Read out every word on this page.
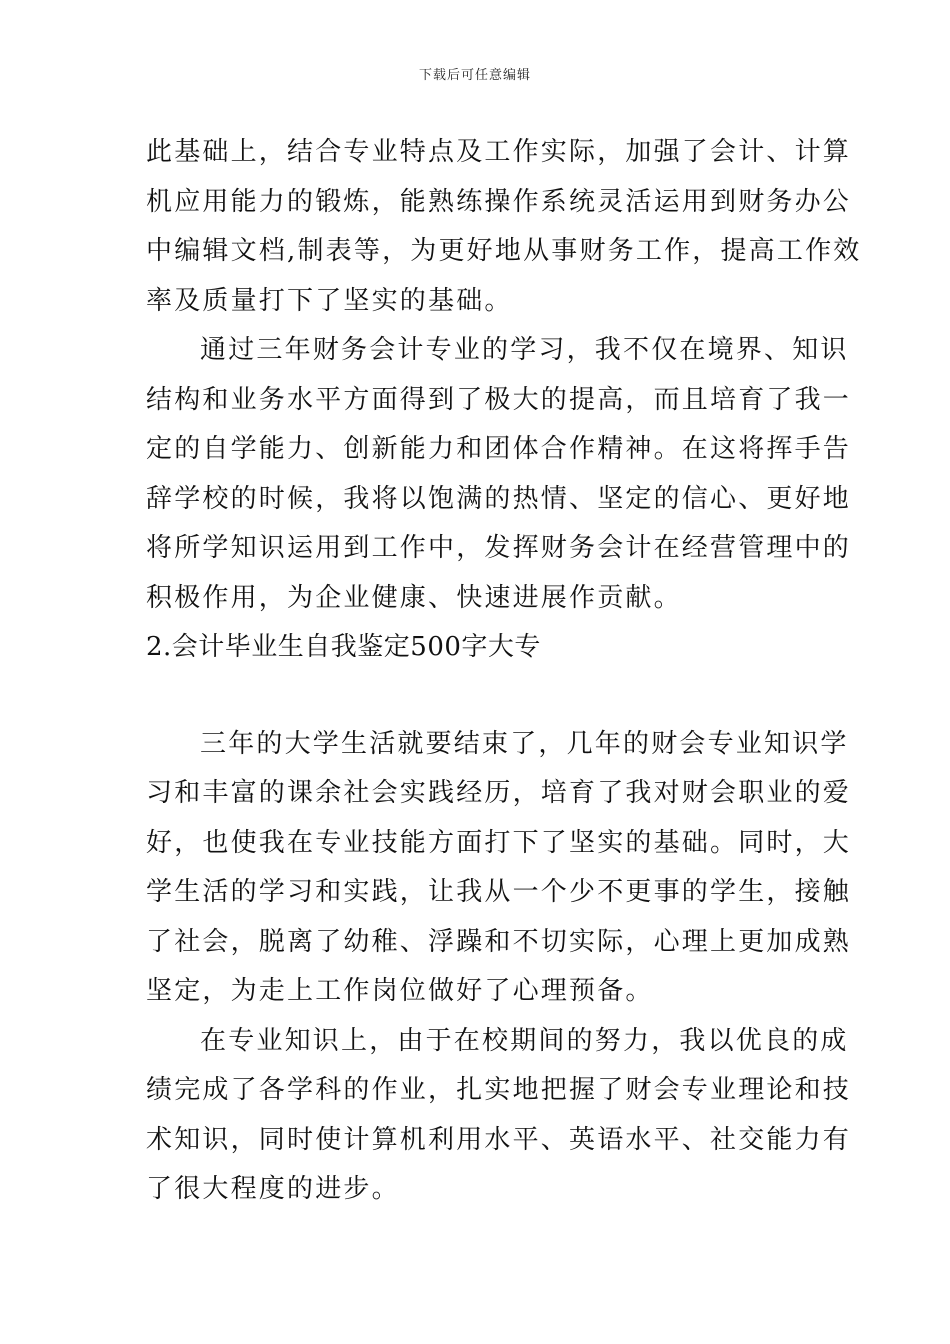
下载后可任意编辑
此基础上，结合专业特点及工作实际，加强了会计、计算
机应用能力的锻炼，能熟练操作系统灵活运用到财务办公
中编辑文档,制表等，为更好地从事财务工作，提高工作效
率及质量打下了坚实的基础。
通过三年财务会计专业的学习，我不仅在境界、知识
结构和业务水平方面得到了极大的提高，而且培育了我一
定的自学能力、创新能力和团体合作精神。在这将挥手告
辞学校的时候，我将以饱满的热情、坚定的信心、更好地
将所学知识运用到工作中，发挥财务会计在经营管理中的
积极作用，为企业健康、快速进展作贡献。
2.会计毕业生自我鉴定500字大专
三年的大学生活就要结束了，几年的财会专业知识学
习和丰富的课余社会实践经历，培育了我对财会职业的爱
好，也使我在专业技能方面打下了坚实的基础。同时，大
学生活的学习和实践，让我从一个少不更事的学生，接触
了社会，脱离了幼稚、浮躁和不切实际，心理上更加成熟
坚定，为走上工作岗位做好了心理预备。
在专业知识上，由于在校期间的努力，我以优良的成
绩完成了各学科的作业，扎实地把握了财会专业理论和技
术知识，同时使计算机利用水平、英语水平、社交能力有
了很大程度的进步。
